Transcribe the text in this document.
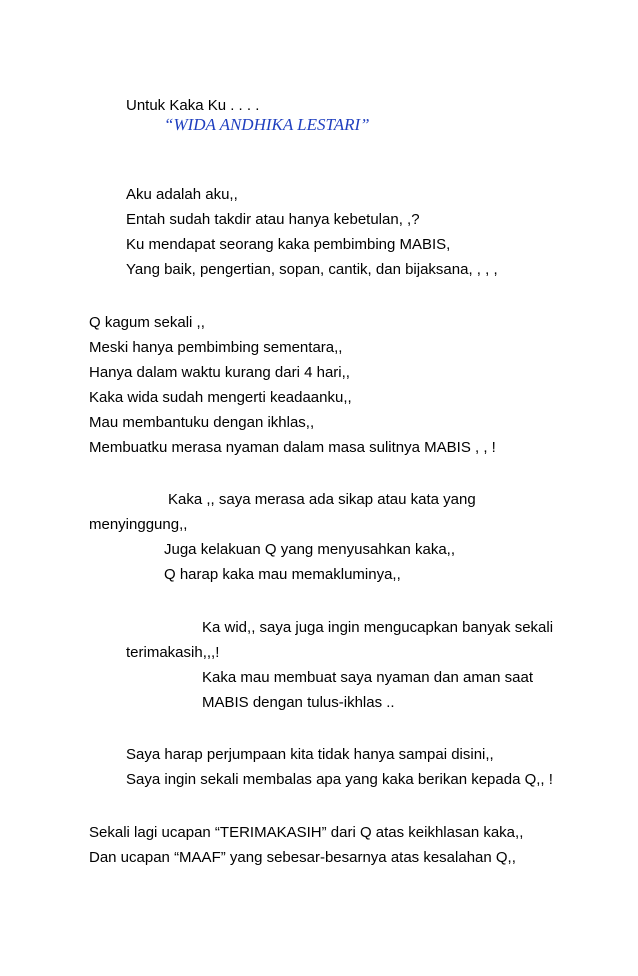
Untuk Kaka Ku . . . .
“WIDA ANDHIKA LESTARI”
Aku adalah aku,,
Entah sudah takdir atau hanya kebetulan, ,?
Ku mendapat seorang kaka pembimbing MABIS,
Yang baik, pengertian, sopan, cantik, dan bijaksana, , , ,
Q kagum sekali ,,
Meski hanya pembimbing sementara,,
Hanya dalam waktu kurang dari 4 hari,,
Kaka wida sudah mengerti keadaanku,,
Mau membantuku dengan ikhlas,,
Membuatku merasa nyaman dalam masa sulitnya MABIS , , !
Kaka ,, saya merasa ada sikap atau kata yang
menyinggung,,
Juga kelakuan Q yang menyusahkan kaka,,
Q harap kaka mau memakluminya,,
Ka wid,, saya juga ingin mengucapkan banyak sekali
terimakasih,,,!
Kaka mau membuat saya nyaman dan aman saat
MABIS dengan tulus-ikhlas ..
Saya harap perjumpaan kita tidak hanya sampai disini,,
Saya ingin sekali membalas apa yang kaka berikan kepada Q,, !
Sekali lagi ucapan “TERIMAKASIH” dari Q atas keikhlasan kaka,,
Dan ucapan “MAAF” yang sebesar-besarnya atas kesalahan Q,,
